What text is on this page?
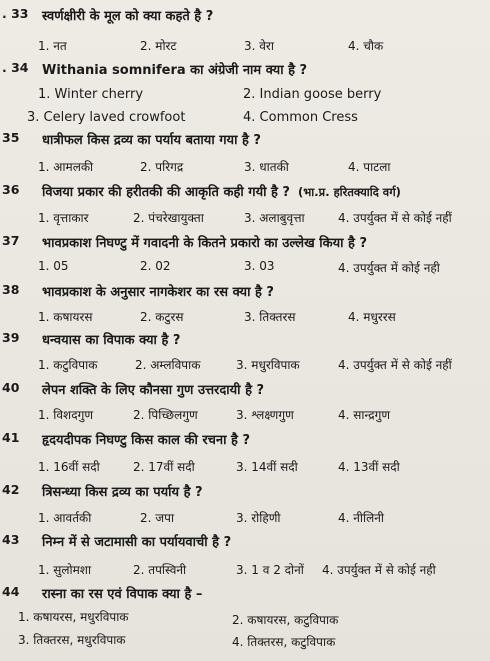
. 33 स्वर्णक्षीरी के मूल को क्या कहते है ?
1. नत	2. मोरट	3. वेरा	4. चौक
. 34 Withania somnifera का अंग्रेजी नाम क्या है ?
1. Winter cherry	2. Indian goose berry
3. Celery laved crowfoot	4. Common Cress
35 धात्रीफल किस द्रव्य का पर्याय बताया गया है ?
1. आमलकी	2. परिगद्र	3. धातकी	4. पाटला
36 विजया प्रकार की हरीतकी की आकृति कही गयी है ? (भा.प्र. हरितक्यादि वर्ग)
1. वृत्ताकार	2. पंचरेखायुक्ता	3. अलाबुवृत्ता	4. उपर्युक्त में से कोई नहीं
37 भावप्रकाश निघण्टु में गवादनी के कितने प्रकारो का उल्लेख किया है ?
1. 05	2. 02	3. 03	4. उपर्युक्त में कोई नही
38 भावप्रकाश के अनुसार नागकेशर का रस क्या है ?
1. कषायरस	2. कटुरस	3. तिक्तरस	4. मधुररस
39 धन्वयास का विपाक क्या है ?
1. कटुविपाक	2. अम्लविपाक	3. मधुरविपाक	4. उपर्युक्त में से कोई नहीं
40 लेपन शक्ति के लिए कौनसा गुण उत्तरदायी है ?
1. विशदगुण	2. पिच्छिलगुण	3. श्लक्ष्णगुण	4. सान्द्रगुण
41 हृदयदीपक निघण्टु किस काल की रचना है ?
1. 16वीं सदी	2. 17वीं सदी	3. 14वीं सदी	4. 13वीं सदी
42 त्रिसन्ध्या किस द्रव्य का पर्याय है ?
1. आवर्तकी	2. जपा	3. रोहिणी	4. नीलिनी
43 निम्न में से जटामासी का पर्यायवाची है ?
1. सुलोमशा	2. तपस्विनी	3. 1 व 2 दोनों 4. उपर्युक्त में से कोई नही
44 रास्ना का रस एवं विपाक क्या है –
1. कषायरस, मधुरविपाक	2. कषायरस, कटुविपाक
3. तिक्तरस, मधुरविपाक	4. तिक्तरस, कटुविपाक
